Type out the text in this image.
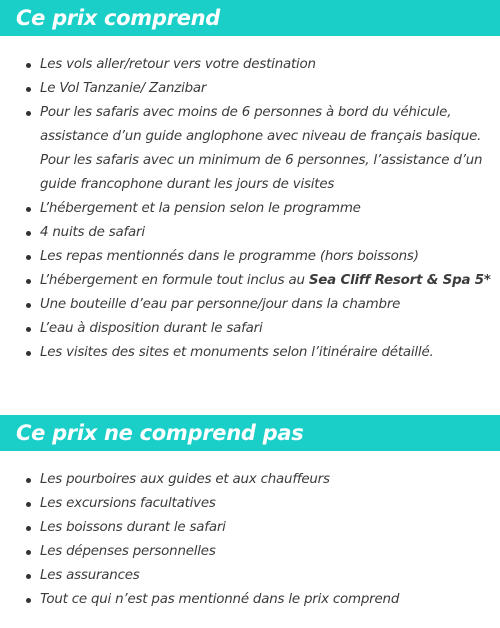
Ce prix comprend
Les vols aller/retour vers votre destination
Le Vol Tanzanie/ Zanzibar
Pour les safaris avec moins de 6 personnes à bord du véhicule, assistance d’un guide anglophone avec niveau de français basique. Pour les safaris avec un minimum de 6 personnes, l’assistance d’un guide francophone durant les jours de visites
L’hébergement et la pension selon le programme
4 nuits de safari
Les repas mentionnés dans le programme (hors boissons)
L’hébergement en formule tout inclus au Sea Cliff Resort & Spa 5*
Une bouteille d’eau par personne/jour dans la chambre
L’eau à disposition durant le safari
Les visites des sites et monuments selon l’itinéraire détaillé.
Ce prix ne comprend pas
Les pourboires aux guides et aux chauffeurs
Les excursions facultatives
Les boissons durant le safari
Les dépenses personnelles
Les assurances
Tout ce qui n’est pas mentionné dans le prix comprend
